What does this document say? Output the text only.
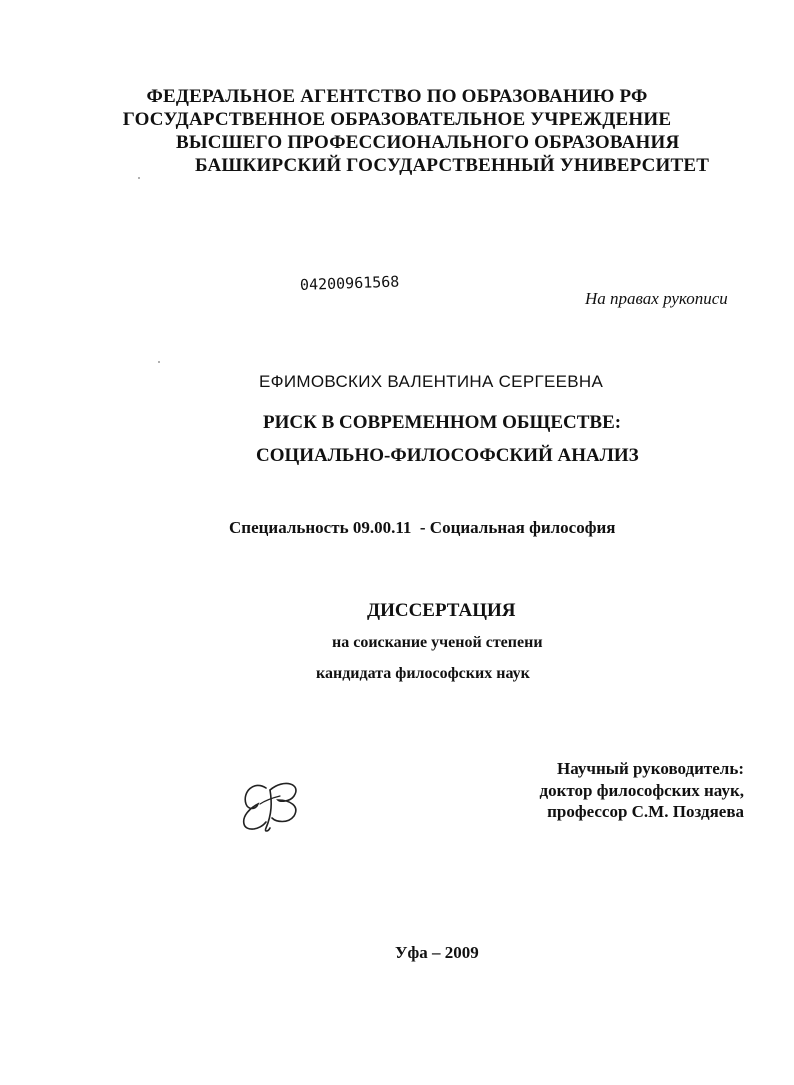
ФЕДЕРАЛЬНОЕ АГЕНТСТВО ПО ОБРАЗОВАНИЮ РФ
ГОСУДАРСТВЕННОЕ ОБРАЗОВАТЕЛЬНОЕ УЧРЕЖДЕНИЕ
ВЫСШЕГО ПРОФЕССИОНАЛЬНОГО ОБРАЗОВАНИЯ
БАШКИРСКИЙ ГОСУДАРСТВЕННЫЙ УНИВЕРСИТЕТ
04200961568
На правах рукописи
ЕФИМОВСКИХ ВАЛЕНТИНА СЕРГЕЕВНА
РИСК В СОВРЕМЕННОМ ОБЩЕСТВЕ:
СОЦИАЛЬНО-ФИЛОСОФСКИЙ АНАЛИЗ
Специальность 09.00.11  - Социальная философия
ДИССЕРТАЦИЯ
на соискание ученой степени
кандидата философских наук
Научный руководитель:
доктор философских наук,
профессор С.М. Поздяева
Уфа – 2009
